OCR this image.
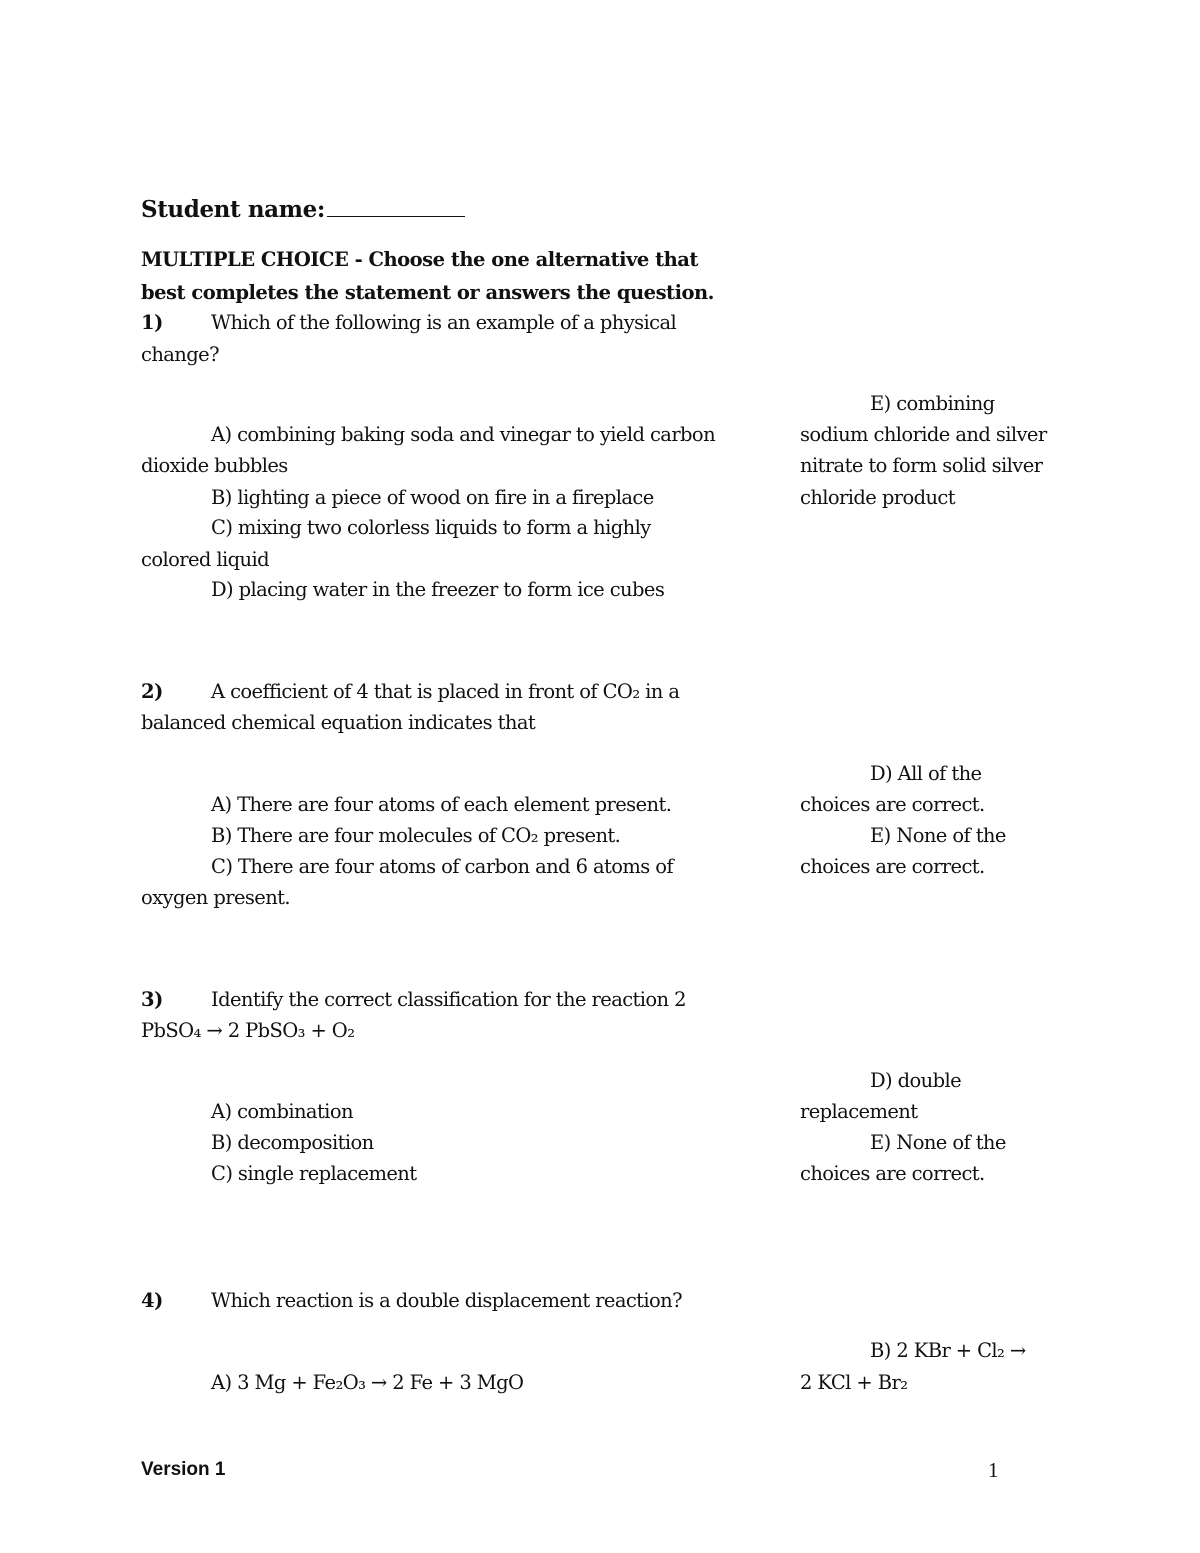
Student name:
MULTIPLE CHOICE - Choose the one alternative that
best completes the statement or answers the question.
1) Which of the following is an example of a physical
change?
E) combining
A) combining baking soda and vinegar to yield carbon	sodium chloride and silver
dioxide bubbles	nitrate to form solid silver
B) lighting a piece of wood on fire in a fireplace	chloride product
C) mixing two colorless liquids to form a highly
colored liquid
D) placing water in the freezer to form ice cubes
2) A coefficient of 4 that is placed in front of CO₂ in a
balanced chemical equation indicates that
D) All of the
A) There are four atoms of each element present.	choices are correct.
B) There are four molecules of CO₂ present.	E) None of the
C) There are four atoms of carbon and 6 atoms of	choices are correct.
oxygen present.
3) Identify the correct classification for the reaction 2
PbSO₄ → 2 PbSO₃ + O₂
D) double
A) combination	replacement
B) decomposition	E) None of the
C) single replacement	choices are correct.
4) Which reaction is a double displacement reaction?
B) 2 KBr + Cl₂ →
A) 3 Mg + Fe₂O₃ → 2 Fe + 3 MgO	2 KCl + Br₂
Version 1	1
